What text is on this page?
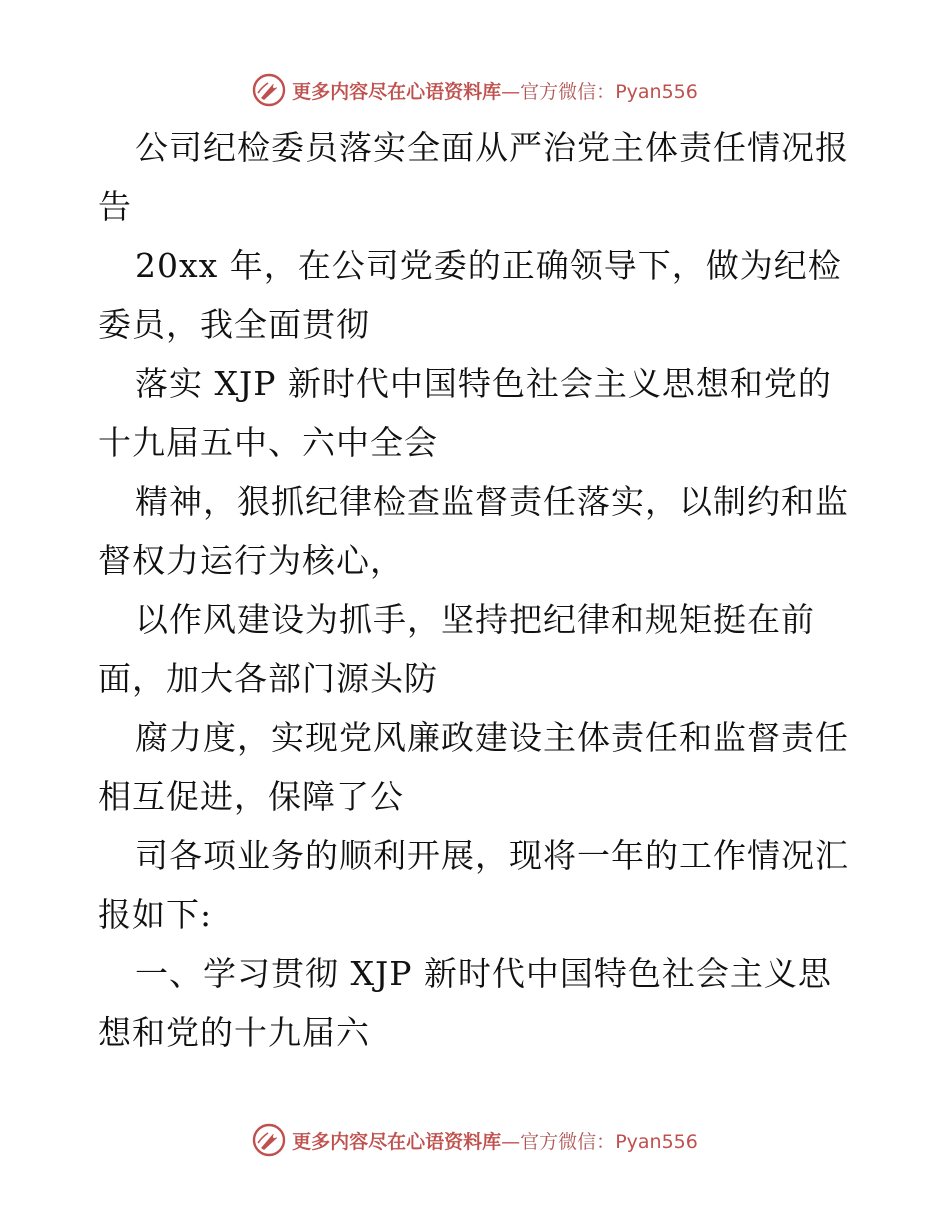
更多内容尽在心语资料库—官方微信：Pyan556

公司纪检委员落实全面从严治党主体责任情况报告

20xx 年，在公司党委的正确领导下，做为纪检委员，我全面贯彻

落实 XJP 新时代中国特色社会主义思想和党的十九届五中、六中全会

精神，狠抓纪律检查监督责任落实，以制约和监督权力运行为核心，

以作风建设为抓手，坚持把纪律和规矩挺在前面，加大各部门源头防

腐力度，实现党风廉政建设主体责任和监督责任相互促进，保障了公

司各项业务的顺利开展，现将一年的工作情况汇报如下:

一、学习贯彻 XJP 新时代中国特色社会主义思想和党的十九届六

更多内容尽在心语资料库—官方微信：Pyan556
